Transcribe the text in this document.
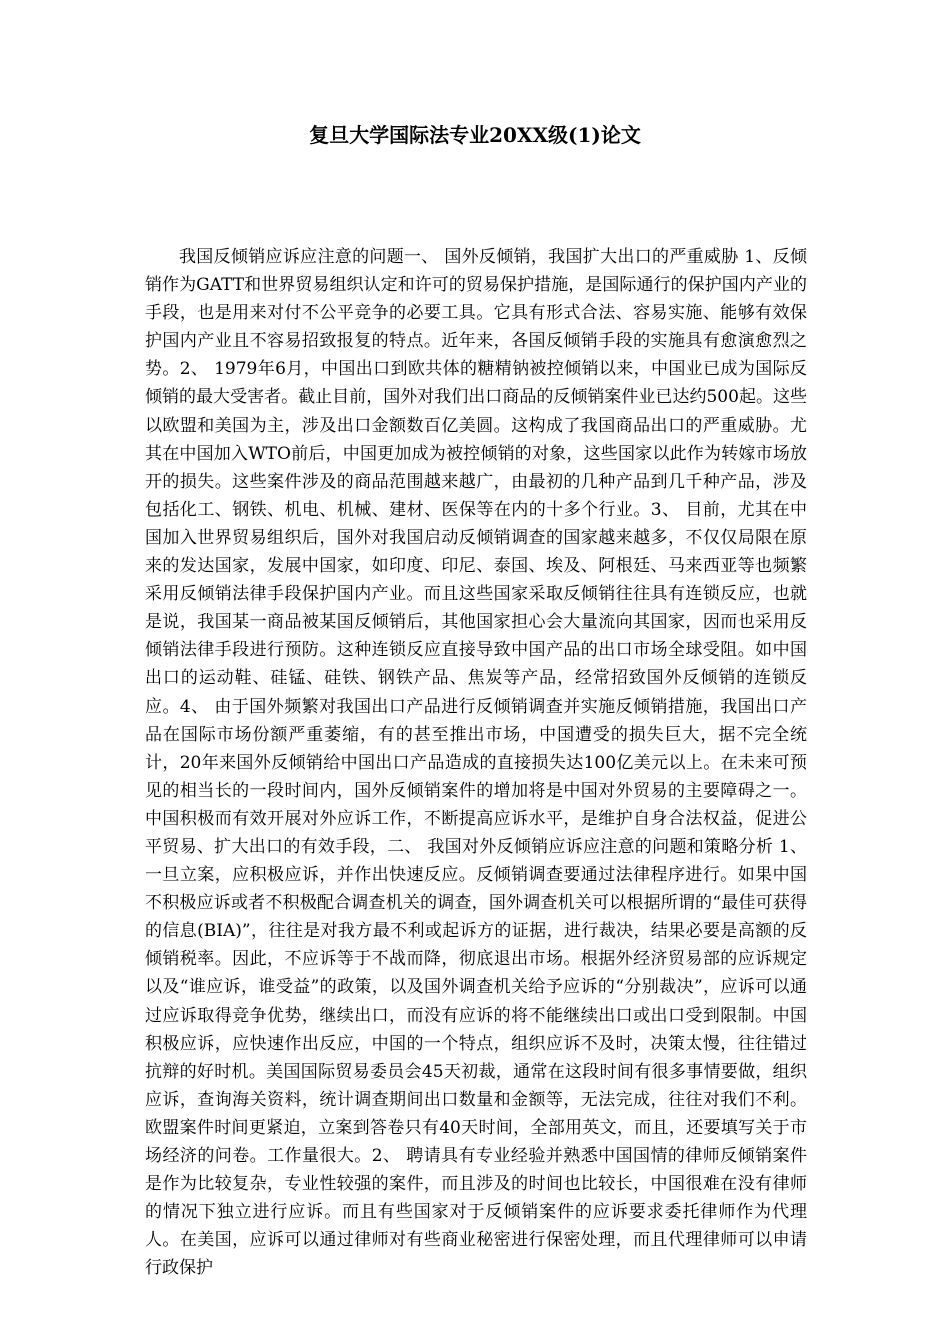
复旦大学国际法专业20XX级(1)论文

我国反倾销应诉应注意的问题一、 国外反倾销，我国扩大出口的严重威胁 1、反倾销作为GATT和世界贸易组织认定和许可的贸易保护措施，是国际通行的保护国内产业的手段，也是用来对付不公平竞争的必要工具。它具有形式合法、容易实施、能够有效保护国内产业且不容易招致报复的特点。近年来，各国反倾销手段的实施具有愈演愈烈之势。2、 1979年6月，中国出口到欧共体的糖精钠被控倾销以来，中国业已成为国际反倾销的最大受害者。截止目前，国外对我们出口商品的反倾销案件业已达约500起。这些以欧盟和美国为主，涉及出口金额数百亿美圆。这构成了我国商品出口的严重威胁。尤其在中国加入WTO前后，中国更加成为被控倾销的对象，这些国家以此作为转嫁市场放开的损失。这些案件涉及的商品范围越来越广，由最初的几种产品到几千种产品，涉及包括化工、钢铁、机电、机械、建材、医保等在内的十多个行业。3、 目前，尤其在中国加入世界贸易组织后，国外对我国启动反倾销调查的国家越来越多，不仅仅局限在原来的发达国家，发展中国家，如印度、印尼、泰国、埃及、阿根廷、马来西亚等也频繁采用反倾销法律手段保护国内产业。而且这些国家采取反倾销往往具有连锁反应，也就是说，我国某一商品被某国反倾销后，其他国家担心会大量流向其国家，因而也采用反倾销法律手段进行预防。这种连锁反应直接导致中国产品的出口市场全球受阻。如中国出口的运动鞋、硅锰、硅铁、钢铁产品、焦炭等产品，经常招致国外反倾销的连锁反应。4、 由于国外频繁对我国出口产品进行反倾销调查并实施反倾销措施，我国出口产品在国际市场份额严重萎缩，有的甚至推出市场，中国遭受的损失巨大，据不完全统计，20年来国外反倾销给中国出口产品造成的直接损失达100亿美元以上。在未来可预见的相当长的一段时间内，国外反倾销案件的增加将是中国对外贸易的主要障碍之一。中国积极而有效开展对外应诉工作，不断提高应诉水平，是维护自身合法权益，促进公平贸易、扩大出口的有效手段，二、 我国对外反倾销应诉应注意的问题和策略分析 1、 一旦立案，应积极应诉，并作出快速反应。反倾销调查要通过法律程序进行。如果中国不积极应诉或者不积极配合调查机关的调查，国外调查机关可以根据所谓的“最佳可获得的信息(BIA)”，往往是对我方最不利或起诉方的证据，进行裁决，结果必要是高额的反倾销税率。因此，不应诉等于不战而降，彻底退出市场。根据外经济贸易部的应诉规定以及“谁应诉，谁受益”的政策，以及国外调查机关给予应诉的“分别裁决”，应诉可以通过应诉取得竞争优势，继续出口，而没有应诉的将不能继续出口或出口受到限制。中国积极应诉，应快速作出反应，中国的一个特点，组织应诉不及时，决策太慢，往往错过抗辩的好时机。美国国际贸易委员会45天初裁，通常在这段时间有很多事情要做，组织应诉，查询海关资料，统计调查期间出口数量和金额等，无法完成，往往对我们不利。欧盟案件时间更紧迫，立案到答卷只有40天时间，全部用英文，而且，还要填写关于市场经济的问卷。工作量很大。2、 聘请具有专业经验并熟悉中国国情的律师反倾销案件是作为比较复杂，专业性较强的案件，而且涉及的时间也比较长，中国很难在没有律师的情况下独立进行应诉。而且有些国家对于反倾销案件的应诉要求委托律师作为代理人。在美国，应诉可以通过律师对有些商业秘密进行保密处理，而且代理律师可以申请行政保护
